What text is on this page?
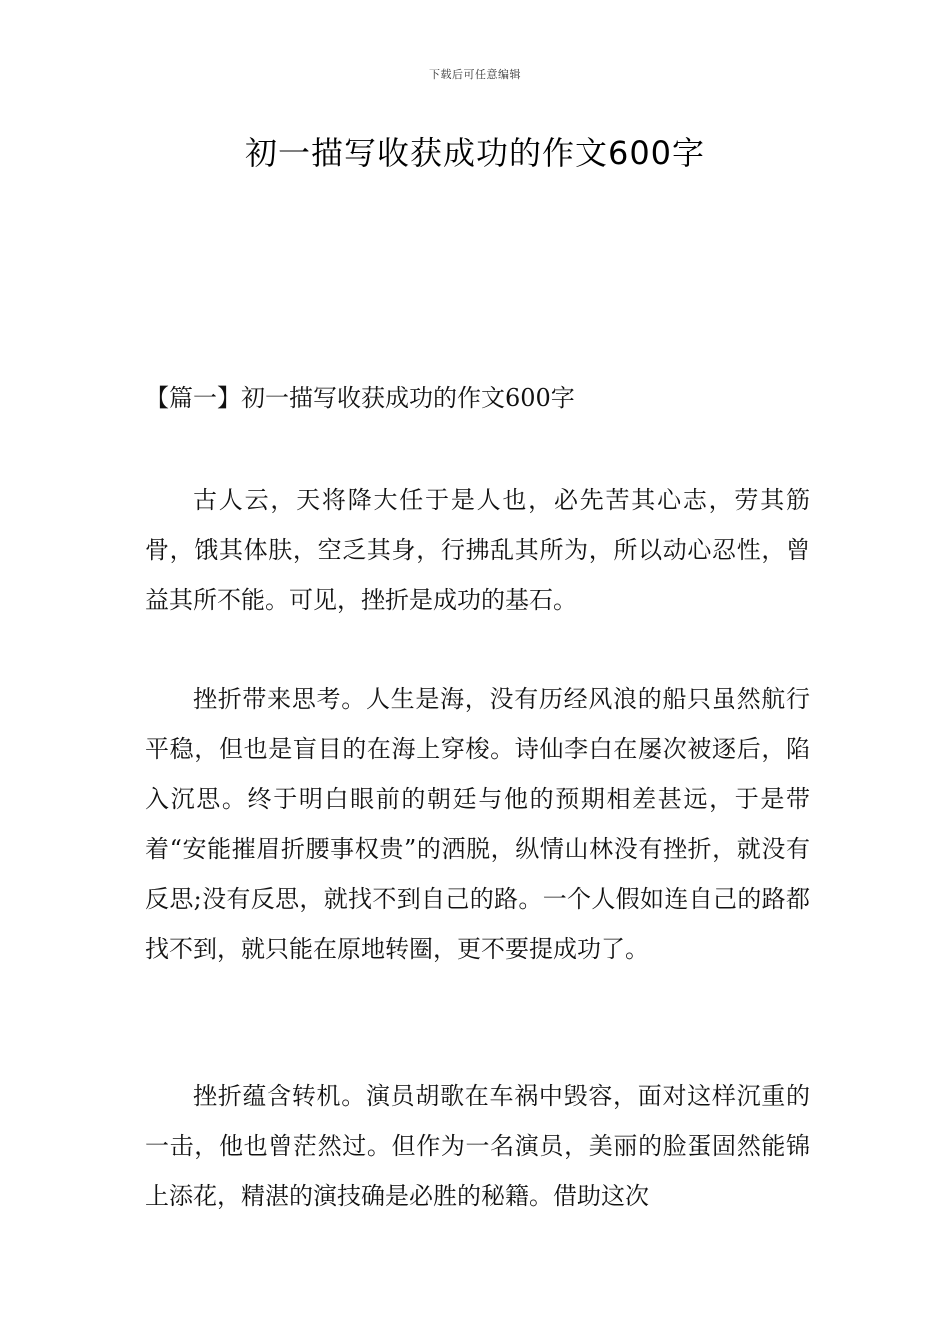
下载后可任意编辑
初一描写收获成功的作文600字
【篇一】初一描写收获成功的作文600字

古人云，天将降大任于是人也，必先苦其心志，劳其筋骨，饿其体肤，空乏其身，行拂乱其所为，所以动心忍性，曾益其所不能。可见，挫折是成功的基石。

挫折带来思考。人生是海，没有历经风浪的船只虽然航行平稳，但也是盲目的在海上穿梭。诗仙李白在屡次被逐后，陷入沉思。终于明白眼前的朝廷与他的预期相差甚远，于是带着“安能摧眉折腰事权贵”的洒脱，纵情山林没有挫折，就没有反思;没有反思，就找不到自己的路。一个人假如连自己的路都找不到，就只能在原地转圈，更不要提成功了。

挫折蕴含转机。演员胡歌在车祸中毁容，面对这样沉重的一击，他也曾茫然过。但作为一名演员，美丽的脸蛋固然能锦上添花，精湛的演技确是必胜的秘籍。借助这次
